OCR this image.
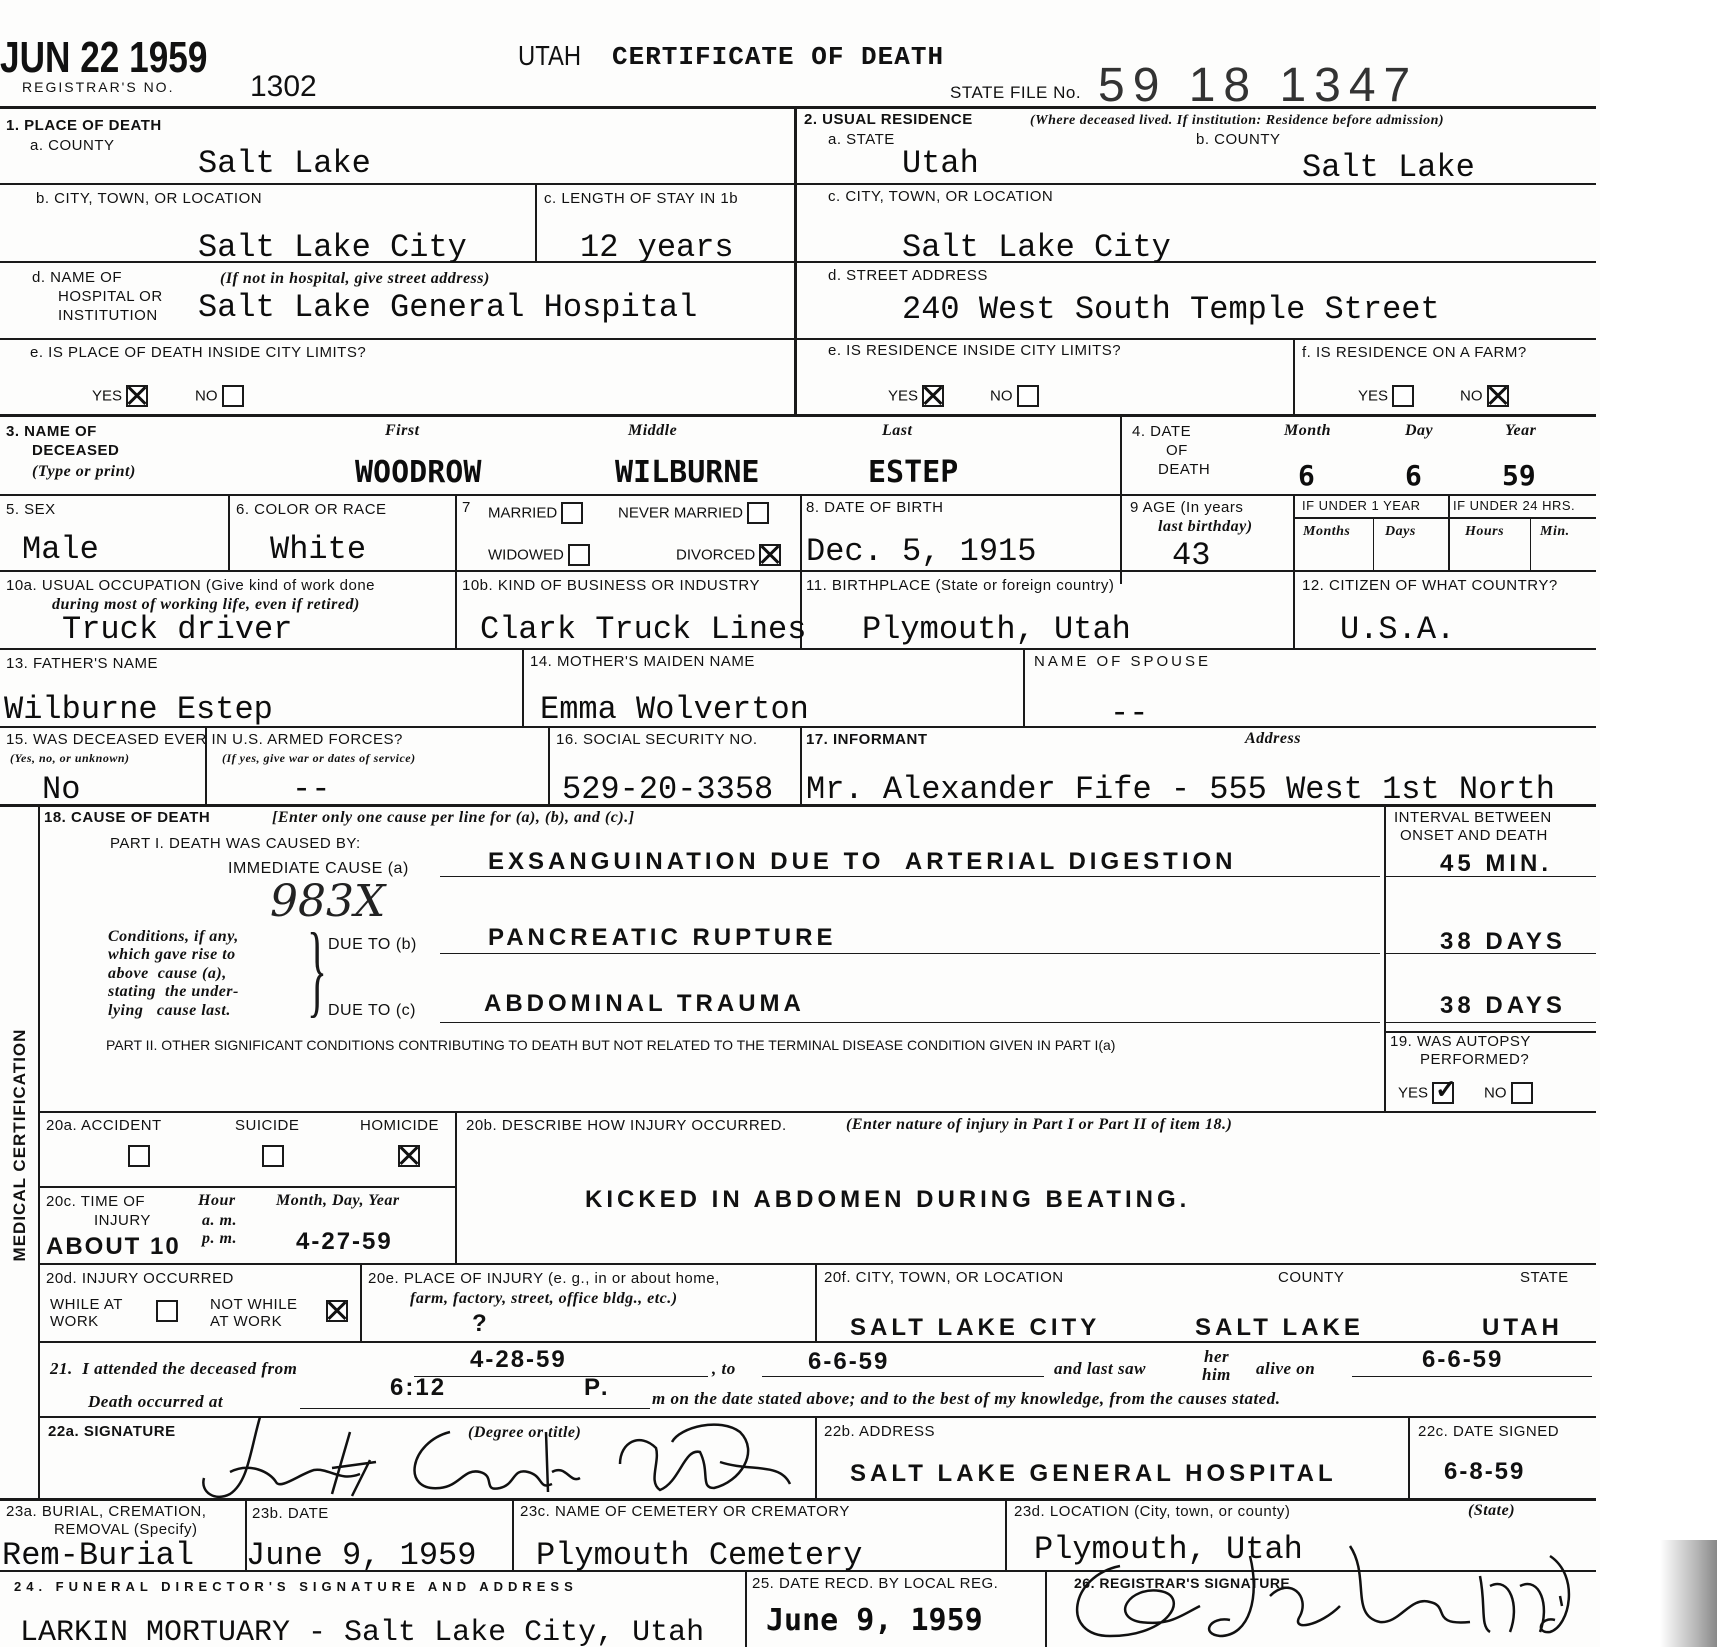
JUN 22 1959
REGISTRAR'S NO.	1302
UTAH CERTIFICATE OF DEATH
STATE FILE No. 59 18 1347
1. PLACE OF DEATH
a. COUNTY	Salt Lake
2. USUAL RESIDENCE	(Where deceased lived. If institution: Residence before admission)
a. STATE
Utah
b. COUNTY
Salt Lake
b. CITY, TOWN, OR LOCATION
Salt Lake City
c. LENGTH OF STAY IN 1b
12 years
c. CITY, TOWN, OR LOCATION
Salt Lake City
d. NAME OF
HOSPITAL OR
INSTITUTION
(If not in hospital, give street address)
Salt Lake General Hospital
d. STREET ADDRESS
240 West South Temple Street
e. IS PLACE OF DEATH INSIDE CITY LIMITS?
YES	NO
e. IS RESIDENCE INSIDE CITY LIMITS?
YES	NO
f. IS RESIDENCE ON A FARM?
YES	NO
3. NAME OF
DECEASED
(Type or print)
First	Middle	Last
WOODROW	WILBURNE	ESTEP
4. DATE
OF
DEATH
Month	Day	Year
6	6	59
5. SEX
Male
6. COLOR OR RACE
White
7 MARRIED	NEVER MARRIED
WIDOWED	DIVORCED
8. DATE OF BIRTH
Dec. 5, 1915
9 AGE (In years
last birthday)
43
IF UNDER 1 YEAR IF UNDER 24 HRS.
Months Days	Hours	Min.
10a. USUAL OCCUPATION (Give kind of work done
during most of working life, even if retired)
Truck driver
10b. KIND OF BUSINESS OR INDUSTRY
Clark Truck Lines
11. BIRTHPLACE (State or foreign country)
Plymouth, Utah
12. CITIZEN OF WHAT COUNTRY?
U.S.A.
13. FATHER'S NAME
Wilburne Estep
14. MOTHER'S MAIDEN NAME
Emma Wolverton
NAME OF SPOUSE
--
15. WAS DECEASED EVER IN U.S. ARMED FORCES?
(Yes, no, or unknown)	(If yes, give war or dates of service)
No	--
16. SOCIAL SECURITY NO.
529-20-3358
17. INFORMANT	Address
Mr. Alexander Fife - 555 West 1st North
MEDICAL CERTIFICATION
18. CAUSE OF DEATH	[Enter only one cause per line for (a), (b), and (c).]
PART I. DEATH WAS CAUSED BY:
IMMEDIATE CAUSE (a)	EXSANGUINATION DUE TO  ARTERIAL DIGESTION
INTERVAL BETWEEN
ONSET AND DEATH
45 MIN.
983X
Conditions, if any,
which gave rise to
above  cause (a),
stating  the under-
lying   cause last. } DUE TO (b)	PANCREATIC RUPTURE	38 DAYS
DUE TO (c)	ABDOMINAL TRAUMA	38 DAYS
PART II. OTHER SIGNIFICANT CONDITIONS CONTRIBUTING TO DEATH BUT NOT RELATED TO THE TERMINAL DISEASE CONDITION GIVEN IN PART I(a)	19. WAS AUTOPSY
PERFORMED?
YES✓	NO
20a. ACCIDENT	SUICIDE	HOMICIDE 20b. DESCRIBE HOW INJURY OCCURRED.	(Enter nature of injury in Part I or Part II of item 18.)
KICKED IN ABDOMEN DURING BEATING.
20c. TIME OF
INJURY
Hour
a. m.
p. m.
Month, Day, Year
ABOUT 10	4-27-59
20d. INJURY OCCURRED
WHILE AT
WORK
NOT WHILE
AT WORK
20e. PLACE OF INJURY (e. g., in or about home,
farm, factory, street, office bldg., etc.)
?
20f. CITY, TOWN, OR LOCATION	COUNTY	STATE
SALT LAKE CITY	SALT LAKE	UTAH
21.  I attended the deceased from	4-28-59	, to	6-6-59	and last saw
her
him alive on	6-6-59
Death occurred at
6:12	P. m on the date stated above; and to the best of my knowledge, from the causes stated.
22a. SIGNATURE	(Degree or title)	22b. ADDRESS
SALT LAKE GENERAL HOSPITAL
22c. DATE SIGNED
6-8-59
23a. BURIAL, CREMATION,
REMOVAL (Specify)
Rem-Burial
23b. DATE
June 9, 1959
23c. NAME OF CEMETERY OR CREMATORY
Plymouth Cemetery
23d. LOCATION (City, town, or county)	(State)
Plymouth, Utah
24. FUNERAL DIRECTOR'S SIGNATURE AND ADDRESS
LARKIN MORTUARY - Salt Lake City, Utah
25. DATE RECD. BY LOCAL REG.
June 9, 1959
26. REGISTRAR'S SIGNATURE
